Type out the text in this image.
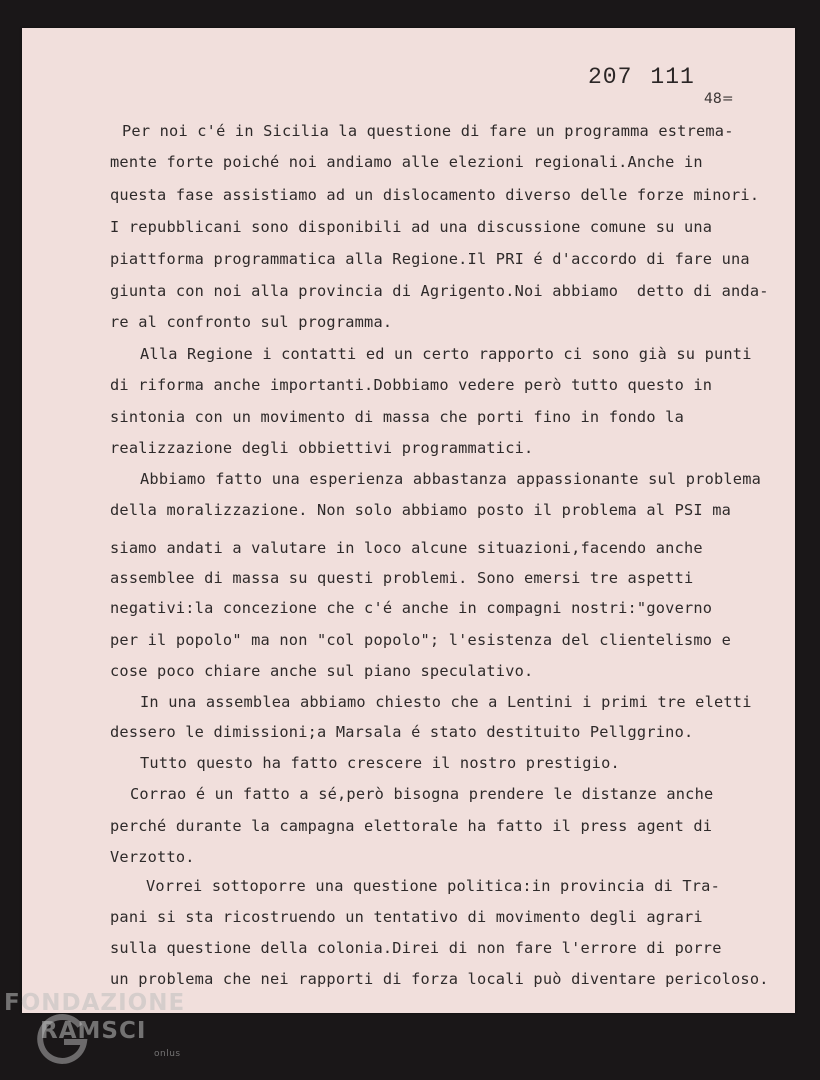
207 111
48=
Per noi c'é in Sicilia la questione di fare un programma estrema-
mente forte poiché noi andiamo alle elezioni regionali.Anche in
questa fase assistiamo ad un dislocamento diverso delle forze minori.
I repubblicani sono disponibili ad una discussione comune su una
piattforma programmatica alla Regione.Il PRI é d'accordo di fare una
giunta con noi alla provincia di Agrigento.Noi abbiamo  detto di anda-
re al confronto sul programma.
Alla Regione i contatti ed un certo rapporto ci sono già su punti
di riforma anche importanti.Dobbiamo vedere però tutto questo in
sintonia con un movimento di massa che porti fino in fondo la
realizzazione degli obbiettivi programmatici.
Abbiamo fatto una esperienza abbastanza appassionante sul problema
della moralizzazione. Non solo abbiamo posto il problema al PSI ma
siamo andati a valutare in loco alcune situazioni,facendo anche
assemblee di massa su questi problemi. Sono emersi tre aspetti
negativi:la concezione che c'é anche in compagni nostri:"governo
per il popolo" ma non "col popolo"; l'esistenza del clientelismo e
cose poco chiare anche sul piano speculativo.
In una assemblea abbiamo chiesto che a Lentini i primi tre eletti
dessero le dimissioni;a Marsala é stato destituito Pellggrino.
Tutto questo ha fatto crescere il nostro prestigio.
Corrao é un fatto a sé,però bisogna prendere le distanze anche
perché durante la campagna elettorale ha fatto il press agent di
Verzotto.
Vorrei sottoporre una questione politica:in provincia di Tra-
pani si sta ricostruendo un tentativo di movimento degli agrari
sulla questione della colonia.Direi di non fare l'errore di porre
un problema che nei rapporti di forza locali può diventare pericoloso.
FONDAZIONE
RAMSCI
onlus
